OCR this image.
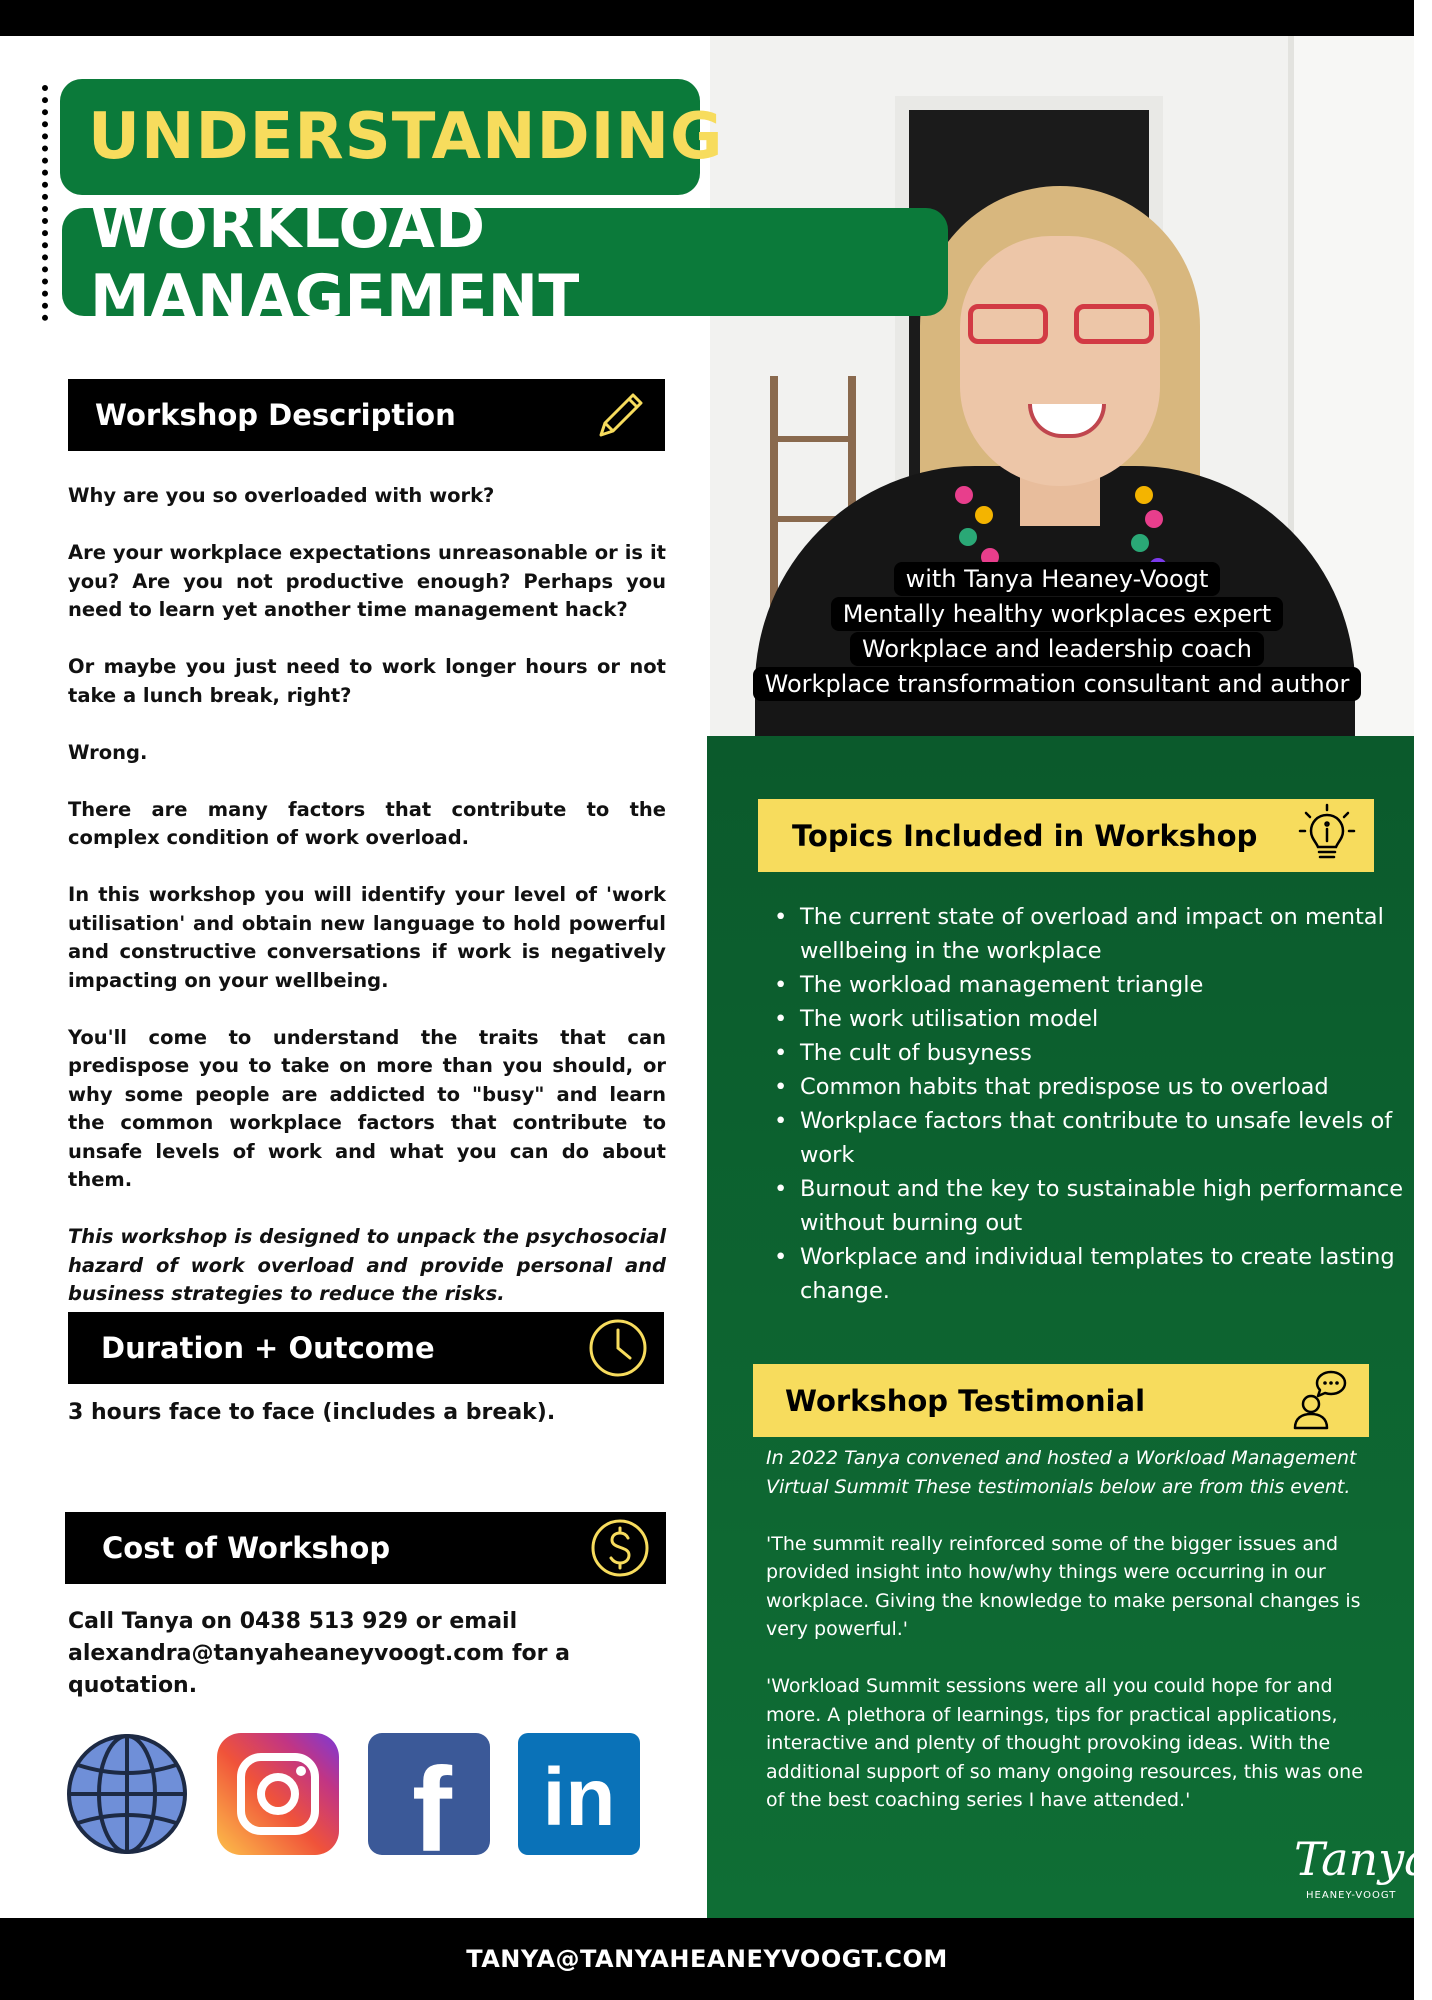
with Tanya Heaney-Voogt
Mentally healthy workplaces expert
Workplace and leadership coach
Workplace transformation consultant and author
UNDERSTANDING
WORKLOAD MANAGEMENT
Workshop Description

Why are you so overloaded with work?

Are your workplace expectations unreasonable or is it you? Are you not productive enough? Perhaps you need to learn yet another time management hack?

Or maybe you just need to work longer hours or not take a lunch break, right?

Wrong.

There are many factors that contribute to the complex condition of work overload.

In this workshop you will identify your level of 'work utilisation' and obtain new language to hold powerful and constructive conversations if work is negatively impacting on your wellbeing.

You'll come to understand the traits that can predispose you to take on more than you should, or why some people are addicted to "busy" and learn the common workplace factors that contribute to unsafe levels of work and what you can do about them.

This workshop is designed to unpack the psychosocial hazard of work overload and provide personal and business strategies to reduce the risks.

Duration + Outcome
3 hours face to face (includes a break).
Cost of Workshop
Call Tanya on 0438 513 929 or email alexandra@tanyaheaneyvoogt.com for a quotation.
f in
Topics Included in Workshop
• The current state of overload and impact on mental wellbeing in the workplace
• The workload management triangle
• The work utilisation model
• The cult of busyness
• Common habits that predispose us to overload
• Workplace factors that contribute to unsafe levels of work
• Burnout and the key to sustainable high performance without burning out
• Workplace and individual templates to create lasting change.
Workshop Testimonial

In 2022 Tanya convened and hosted a Workload Management Virtual Summit These testimonials below are from this event.

'The summit really reinforced some of the bigger issues and provided insight into how/why things were occurring in our workplace. Giving the knowledge to make personal changes is very powerful.'

'Workload Summit sessions were all you could hope for and more. A plethora of learnings, tips for practical applications, interactive and plenty of thought provoking ideas. With the additional support of so many ongoing resources, this was one of the best coaching series I have attended.'

Tanya
HEANEY-VOOGT
TANYA@TANYAHEANEYVOOGT.COM
